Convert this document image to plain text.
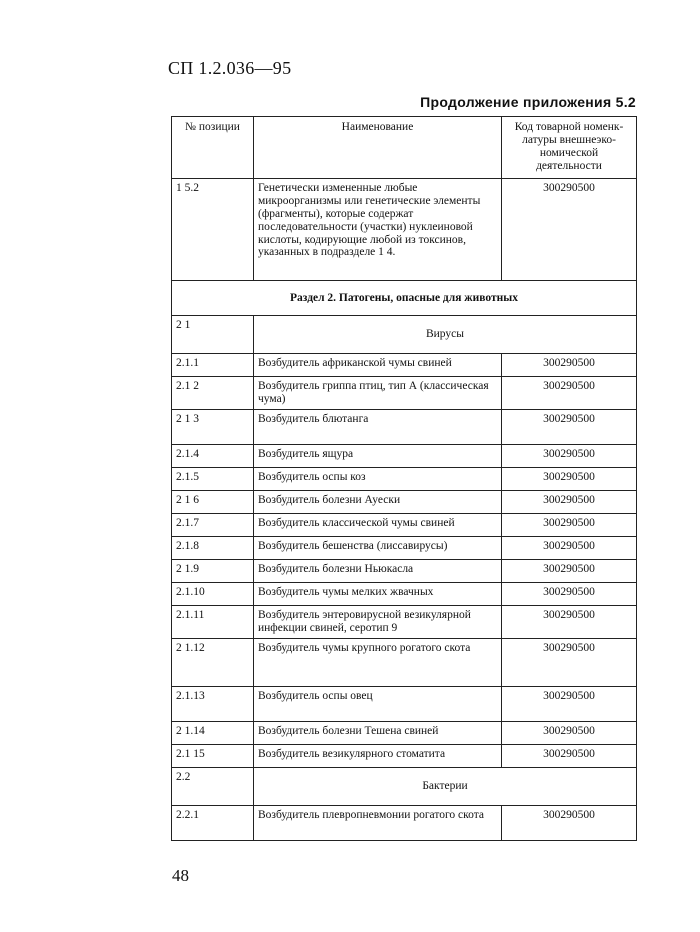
СП 1.2.036—95
Продолжение приложения 5.2
№ позиции	Наименование	Код товарной номенк-латуры внешнеэко-номической деятельности
1 5.2	Генетически измененные любые микроорганизмы или генетические элементы (фрагменты), которые содержат последовательности (участки) нуклеиновой кислоты, кодирующие любой из токсинов, указанных в подразделе 1 4.	300290500
Раздел 2. Патогены, опасные для животных		
2 1	Вирусы	
2.1.1	Возбудитель африканской чумы свиней	300290500
2.1 2	Возбудитель гриппа птиц, тип А (классическая чума)	300290500
2 1 3	Возбудитель блютанга	300290500
2.1.4	Возбудитель ящура	300290500
2.1.5	Возбудитель оспы коз	300290500
2 1 6	Возбудитель болезни Ауески	300290500
2.1.7	Возбудитель классической чумы свиней	300290500
2.1.8	Возбудитель бешенства (лиссавирусы)	300290500
2 1.9	Возбудитель болезни Ньюкасла	300290500
2.1.10	Возбудитель чумы мелких жвачных	300290500
2.1.11	Возбудитель энтеровирусной везикулярной инфекции свиней, серотип 9	300290500
2 1.12	Возбудитель чумы крупного рогатого скота	300290500
2.1.13	Возбудитель оспы овец	300290500
2 1.14	Возбудитель болезни Тешена свиней	300290500
2.1 15	Возбудитель везикулярного стоматита	300290500
2.2	Бактерии	
2.2.1	Возбудитель плевропневмонии рогатого скота	300290500
48
